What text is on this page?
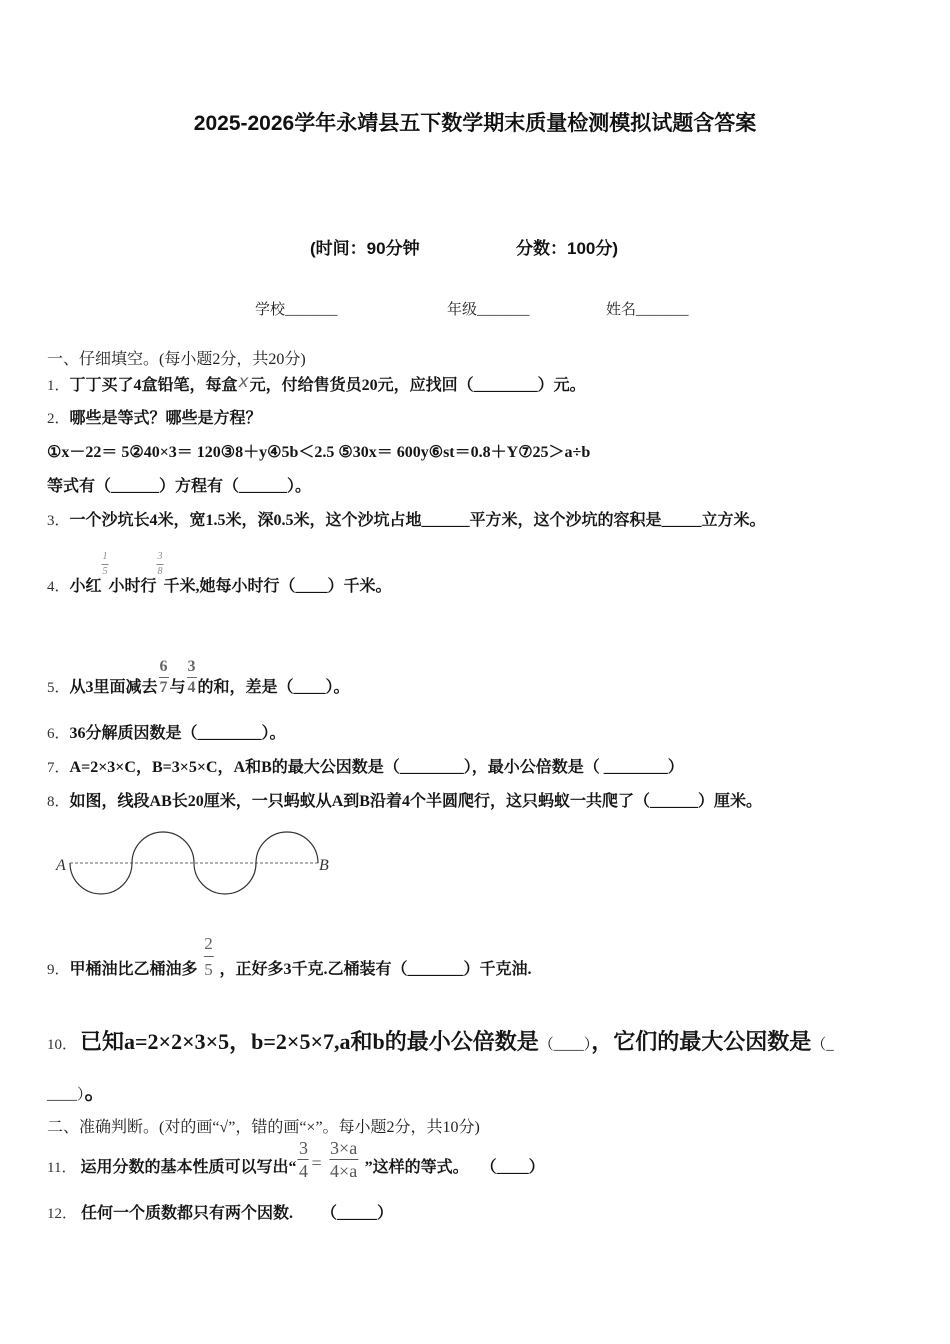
2025-2026学年永靖县五下数学期末质量检测模拟试题含答案
(时间：90分钟	分数：100分)
学校_______	年级_______	姓名_______
一、仔细填空。(每小题2分，共20分)
1．丁丁买了4盒铅笔，每盒x元，付给售货员20元，应找回（________）元。
2．哪些是等式？哪些是方程？
①x－22＝ 5②40×3＝ 120③8＋y④5b＜2.5 ⑤30x＝ 600y⑥st＝0.8＋Y⑦25＞a÷b
等式有（______）方程有（______）。
3．一个沙坑长4米，宽1.5米，深0.5米，这个沙坑占地______平方米，这个沙坑的容积是_____立方米。
4．小红
$\frac{1}{5}$
小时行
$\frac{3}{8}$
千米,她每小时行（____）千米。
5．从3里面减去 $\frac{6}{7}$ 与 $\frac{3}{4}$ 的和，差是（____）。
6．36分解质因数是（________）。
7．A=2×3×C，B=3×5×C，A和B的最大公因数是（________），最小公倍数是（ ________）
8．如图，线段AB长20厘米，一只蚂蚁从A到B沿着4个半圆爬行，这只蚂蚁一共爬了（______）厘米。
A	B
9．甲桶油比乙桶油多 $\frac{2}{5}$ ，正好多3千克.乙桶装有（_______）千克油.
10． 已知a=2×2×3×5，b=2×5×7,a和b的最小公倍数是（____），它们的最大公因数是（_
____）。
二、准确判断。(对的画“√”，错的画“×”。每小题2分，共10分)
11． 运用分数的基本性质可以写出“ $\frac{3}{4} = \frac{3\times a}{4\times a}$ ”这样的等式。 （____）
12． 任何一个质数都只有两个因数. （_____）
